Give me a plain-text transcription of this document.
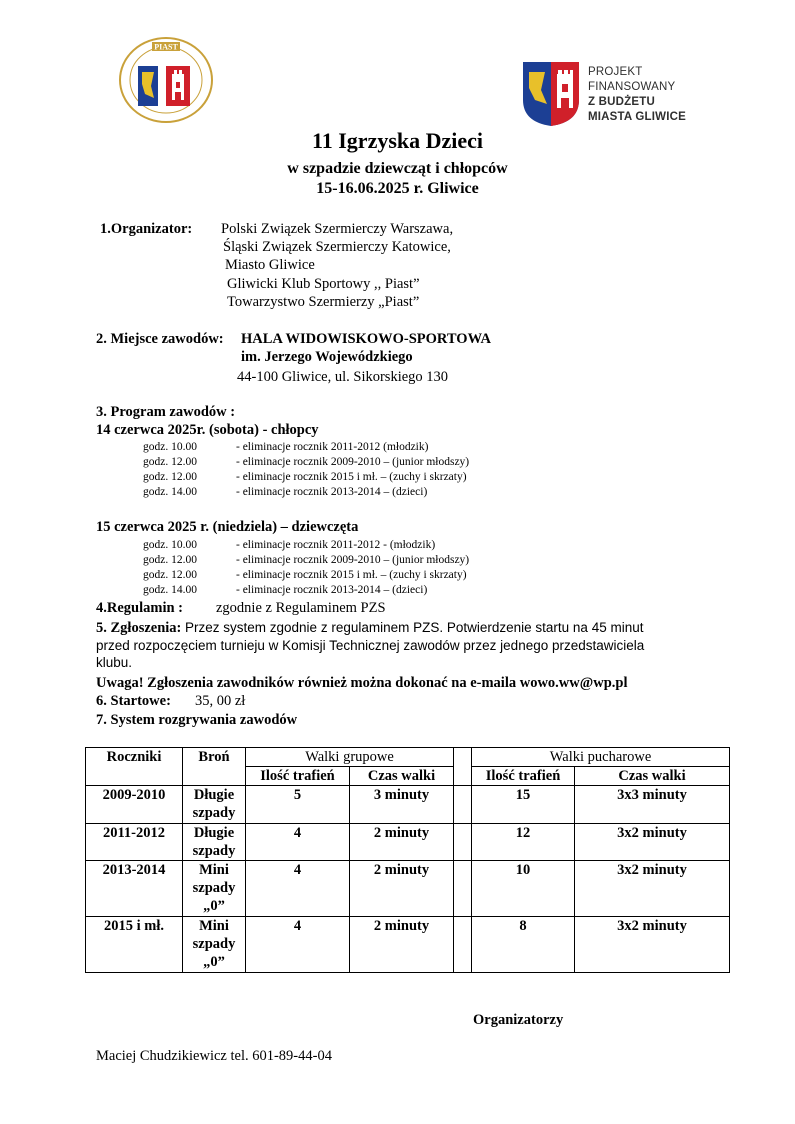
PIAST
PROJEKT
FINANSOWANY
Z BUDŻETU
MIASTA GLIWICE
11 Igrzyska Dzieci
w szpadzie dziewcząt i chłopców
15-16.06.2025 r. Gliwice
1.Organizator: Polski Związek Szermierczy Warszawa,
Śląski Związek Szermierczy Katowice,
Miasto Gliwice
Gliwicki Klub Sportowy ,, Piast”
Towarzystwo Szermierzy „Piast”
2. Miejsce zawodów: HALA WIDOWISKOWO-SPORTOWA
im. Jerzego Wojewódzkiego
44-100 Gliwice, ul. Sikorskiego 130
3. Program zawodów :
14 czerwca 2025r. (sobota) - chłopcy
godz. 10.00	- eliminacje rocznik 2011-2012 (młodzik)
godz. 12.00	- eliminacje rocznik 2009-2010 – (junior młodszy)
godz. 12.00	- eliminacje rocznik 2015 i mł. – (zuchy i skrzaty)
godz. 14.00	- eliminacje rocznik 2013-2014 – (dzieci)
15 czerwca 2025 r. (niedziela) – dziewczęta
godz. 10.00	- eliminacje rocznik 2011-2012 - (młodzik)
godz. 12.00	- eliminacje rocznik 2009-2010 – (junior młodszy)
godz. 12.00	- eliminacje rocznik 2015 i mł. – (zuchy i skrzaty)
godz. 14.00	- eliminacje rocznik 2013-2014 – (dzieci)
4.Regulamin : zgodnie z Regulaminem PZS
5. Zgłoszenia: Przez system zgodnie z regulaminem PZS. Potwierdzenie startu na 45 minut
przed rozpoczęciem turnieju w Komisji Technicznej zawodów przez jednego przedstawiciela
klubu.
Uwaga! Zgłoszenia zawodników również można dokonać na e-maila wowo.ww@wp.pl
6. Startowe: 35, 00 zł
7. System rozgrywania zawodów
Roczniki	Broń	Walki grupowe			Walki pucharowe	
		Ilość trafień	Czas walki		Ilość trafień	Czas walki
2009-2010	Długie
szpady	5	3 minuty		15	3x3 minuty
2011-2012	Długie
szpady	4	2 minuty		12	3x2 minuty
2013-2014	Mini
szpady
„0”	4	2 minuty		10	3x2 minuty
2015 i mł.	Mini
szpady
„0”	4	2 minuty		8	3x2 minuty
Organizatorzy
Maciej Chudzikiewicz tel. 601-89-44-04
